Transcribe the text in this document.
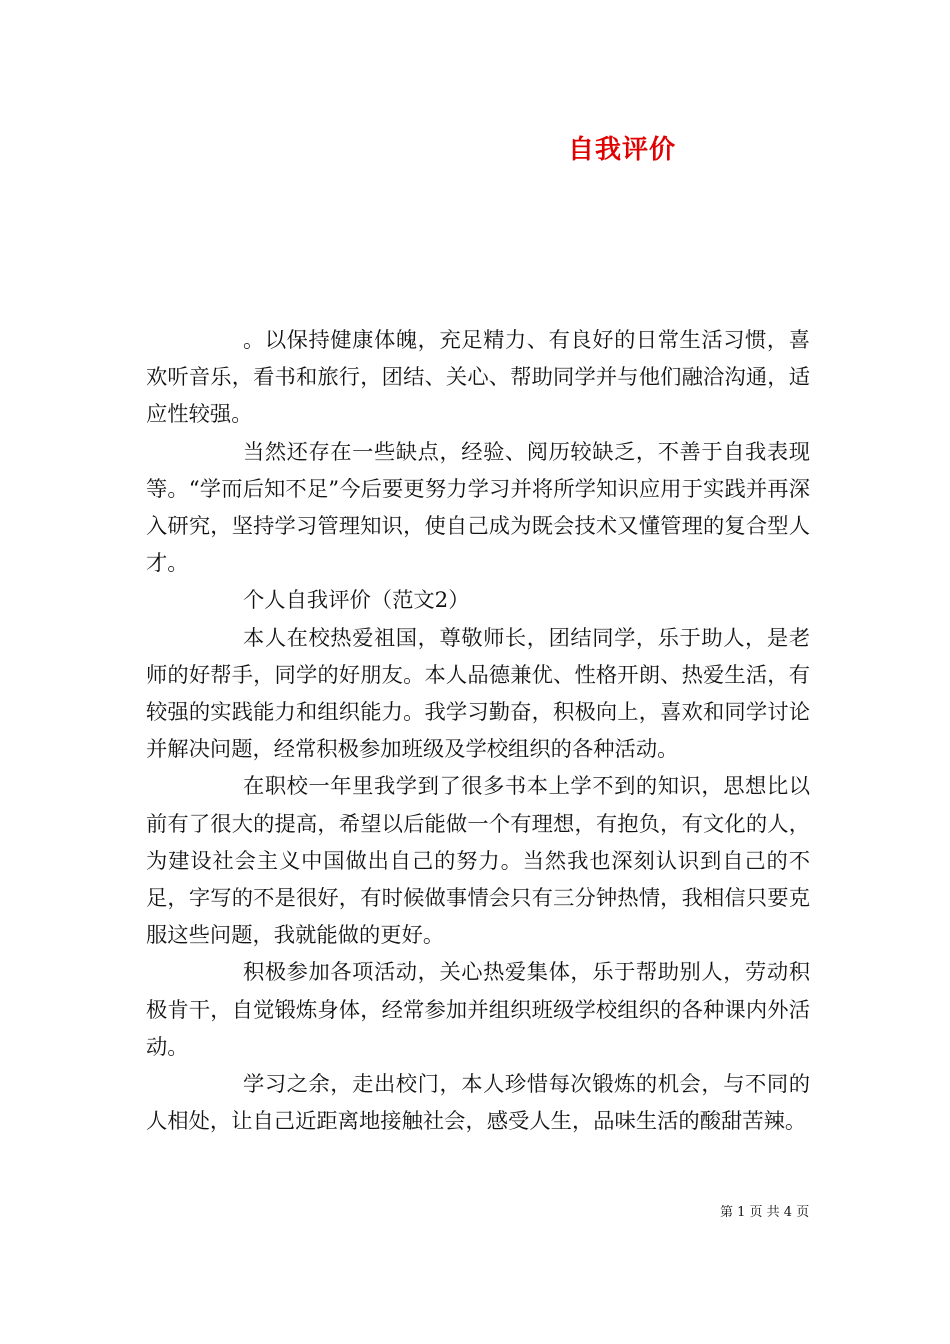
自我评价

。以保持健康体魄，充足精力、有良好的日常生活习惯，喜欢听音乐，看书和旅行，团结、关心、帮助同学并与他们融洽沟通，适应性较强。

当然还存在一些缺点，经验、阅历较缺乏，不善于自我表现等。“学而后知不足”今后要更努力学习并将所学知识应用于实践并再深入研究，坚持学习管理知识，使自己成为既会技术又懂管理的复合型人才。

个人自我评价（范文2）

本人在校热爱祖国，尊敬师长，团结同学，乐于助人，是老师的好帮手，同学的好朋友。本人品德兼优、性格开朗、热爱生活，有较强的实践能力和组织能力。我学习勤奋，积极向上，喜欢和同学讨论并解决问题，经常积极参加班级及学校组织的各种活动。

在职校一年里我学到了很多书本上学不到的知识，思想比以前有了很大的提高，希望以后能做一个有理想，有抱负，有文化的人，为建设社会主义中国做出自己的努力。当然我也深刻认识到自己的不足，字写的不是很好，有时候做事情会只有三分钟热情，我相信只要克服这些问题，我就能做的更好。

积极参加各项活动，关心热爱集体，乐于帮助别人，劳动积极肯干，自觉锻炼身体，经常参加并组织班级学校组织的各种课内外活动。

学习之余，走出校门，本人珍惜每次锻炼的机会，与不同的人相处，让自己近距离地接触社会，感受人生，品味生活的酸甜苦辣。

第 1 页 共 4 页
